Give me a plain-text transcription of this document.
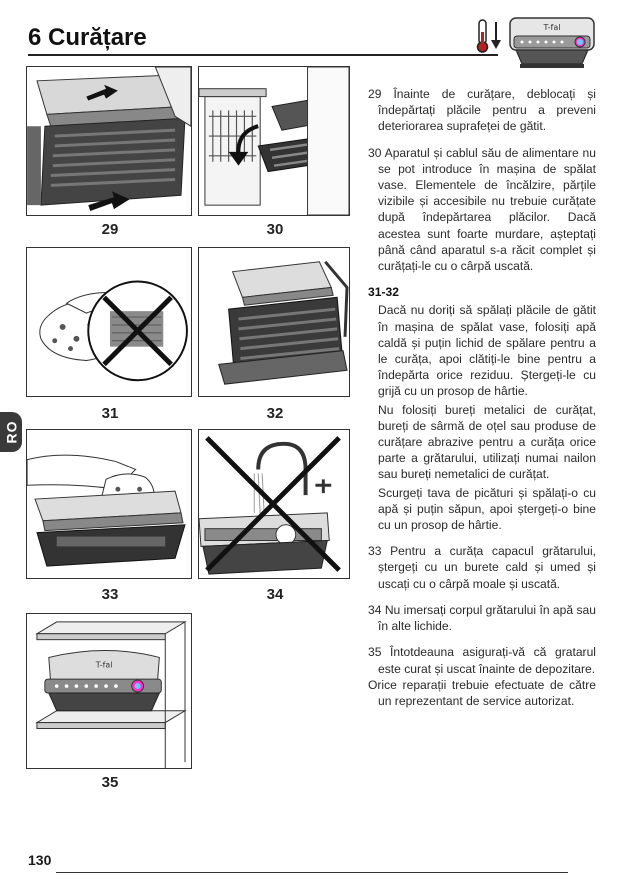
6 Curățare	T-fal
RO
29	30
31	32
33	34
T-fal
35
29 Înainte de curățare, deblocați și îndepărtați plăcile pentru a preveni deteriorarea suprafeței de gătit.
30 Aparatul și cablul său de alimentare nu se pot introduce în mașina de spălat vase. Elementele de încălzire, părțile vizibile și accesibile nu trebuie curățate după îndepărtarea plăcilor. Dacă acestea sunt foarte murdare, așteptați până când aparatul s-a răcit complet și curățați-le cu o cârpă uscată.
31-32
Dacă nu doriți să spălați plăcile de gătit în mașina de spălat vase, folosiți apă caldă și puțin lichid de spălare pentru a le curăța, apoi clătiți-le bine pentru a îndepărta orice reziduu. Ștergeți-le cu grijă cu un prosop de hârtie.
Nu folosiți bureți metalici de curățat, bureți de sârmă de oțel sau produse de curățare abrazive pentru a curăța orice parte a grătarului, utilizați numai nailon sau bureți nemetalici de curățat.
Scurgeți tava de picături și spălați-o cu apă și puțin săpun, apoi ștergeți-o bine cu un prosop de hârtie.
33 Pentru a curăța capacul grătarului, ștergeți cu un burete cald și umed și uscați cu o cârpă moale și uscată.
34 Nu imersați corpul grătarului în apă sau în alte lichide.
35 Întotdeauna asigurați-vă că gratarul este curat și uscat înainte de depozitare.
Orice reparații trebuie efectuate de către un reprezentant de service autorizat.
130
